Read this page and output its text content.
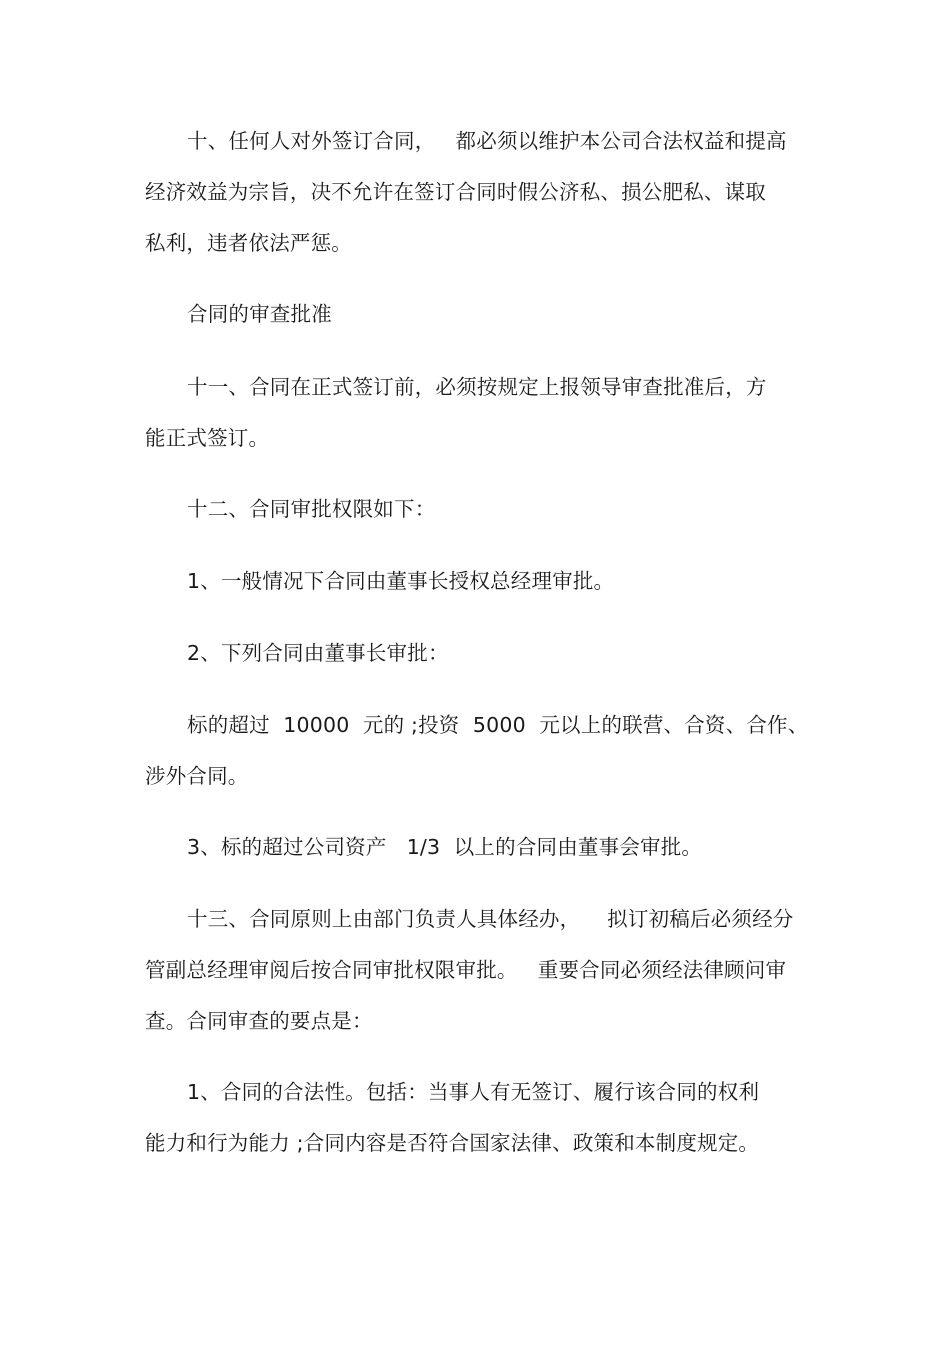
十、任何人对外签订合同，   都必须以维护本公司合法权益和提高
经济效益为宗旨，决不允许在签订合同时假公济私、损公肥私、谋取
私利，违者依法严惩。
合同的审查批准
十一、合同在正式签订前，必须按规定上报领导审查批准后，方
能正式签订。
十二、合同审批权限如下：
1、一般情况下合同由董事长授权总经理审批。
2、下列合同由董事长审批：
标的超过  10000  元的 ;投资  5000  元以上的联营、合资、合作、
涉外合同。
3、标的超过公司资产   1/3  以上的合同由董事会审批。
十三、合同原则上由部门负责人具体经办，    拟订初稿后必须经分
管副总经理审阅后按合同审批权限审批。   重要合同必须经法律顾问审
查。合同审查的要点是：
1、合同的合法性。包括：当事人有无签订、履行该合同的权利
能力和行为能力 ;合同内容是否符合国家法律、政策和本制度规定。
